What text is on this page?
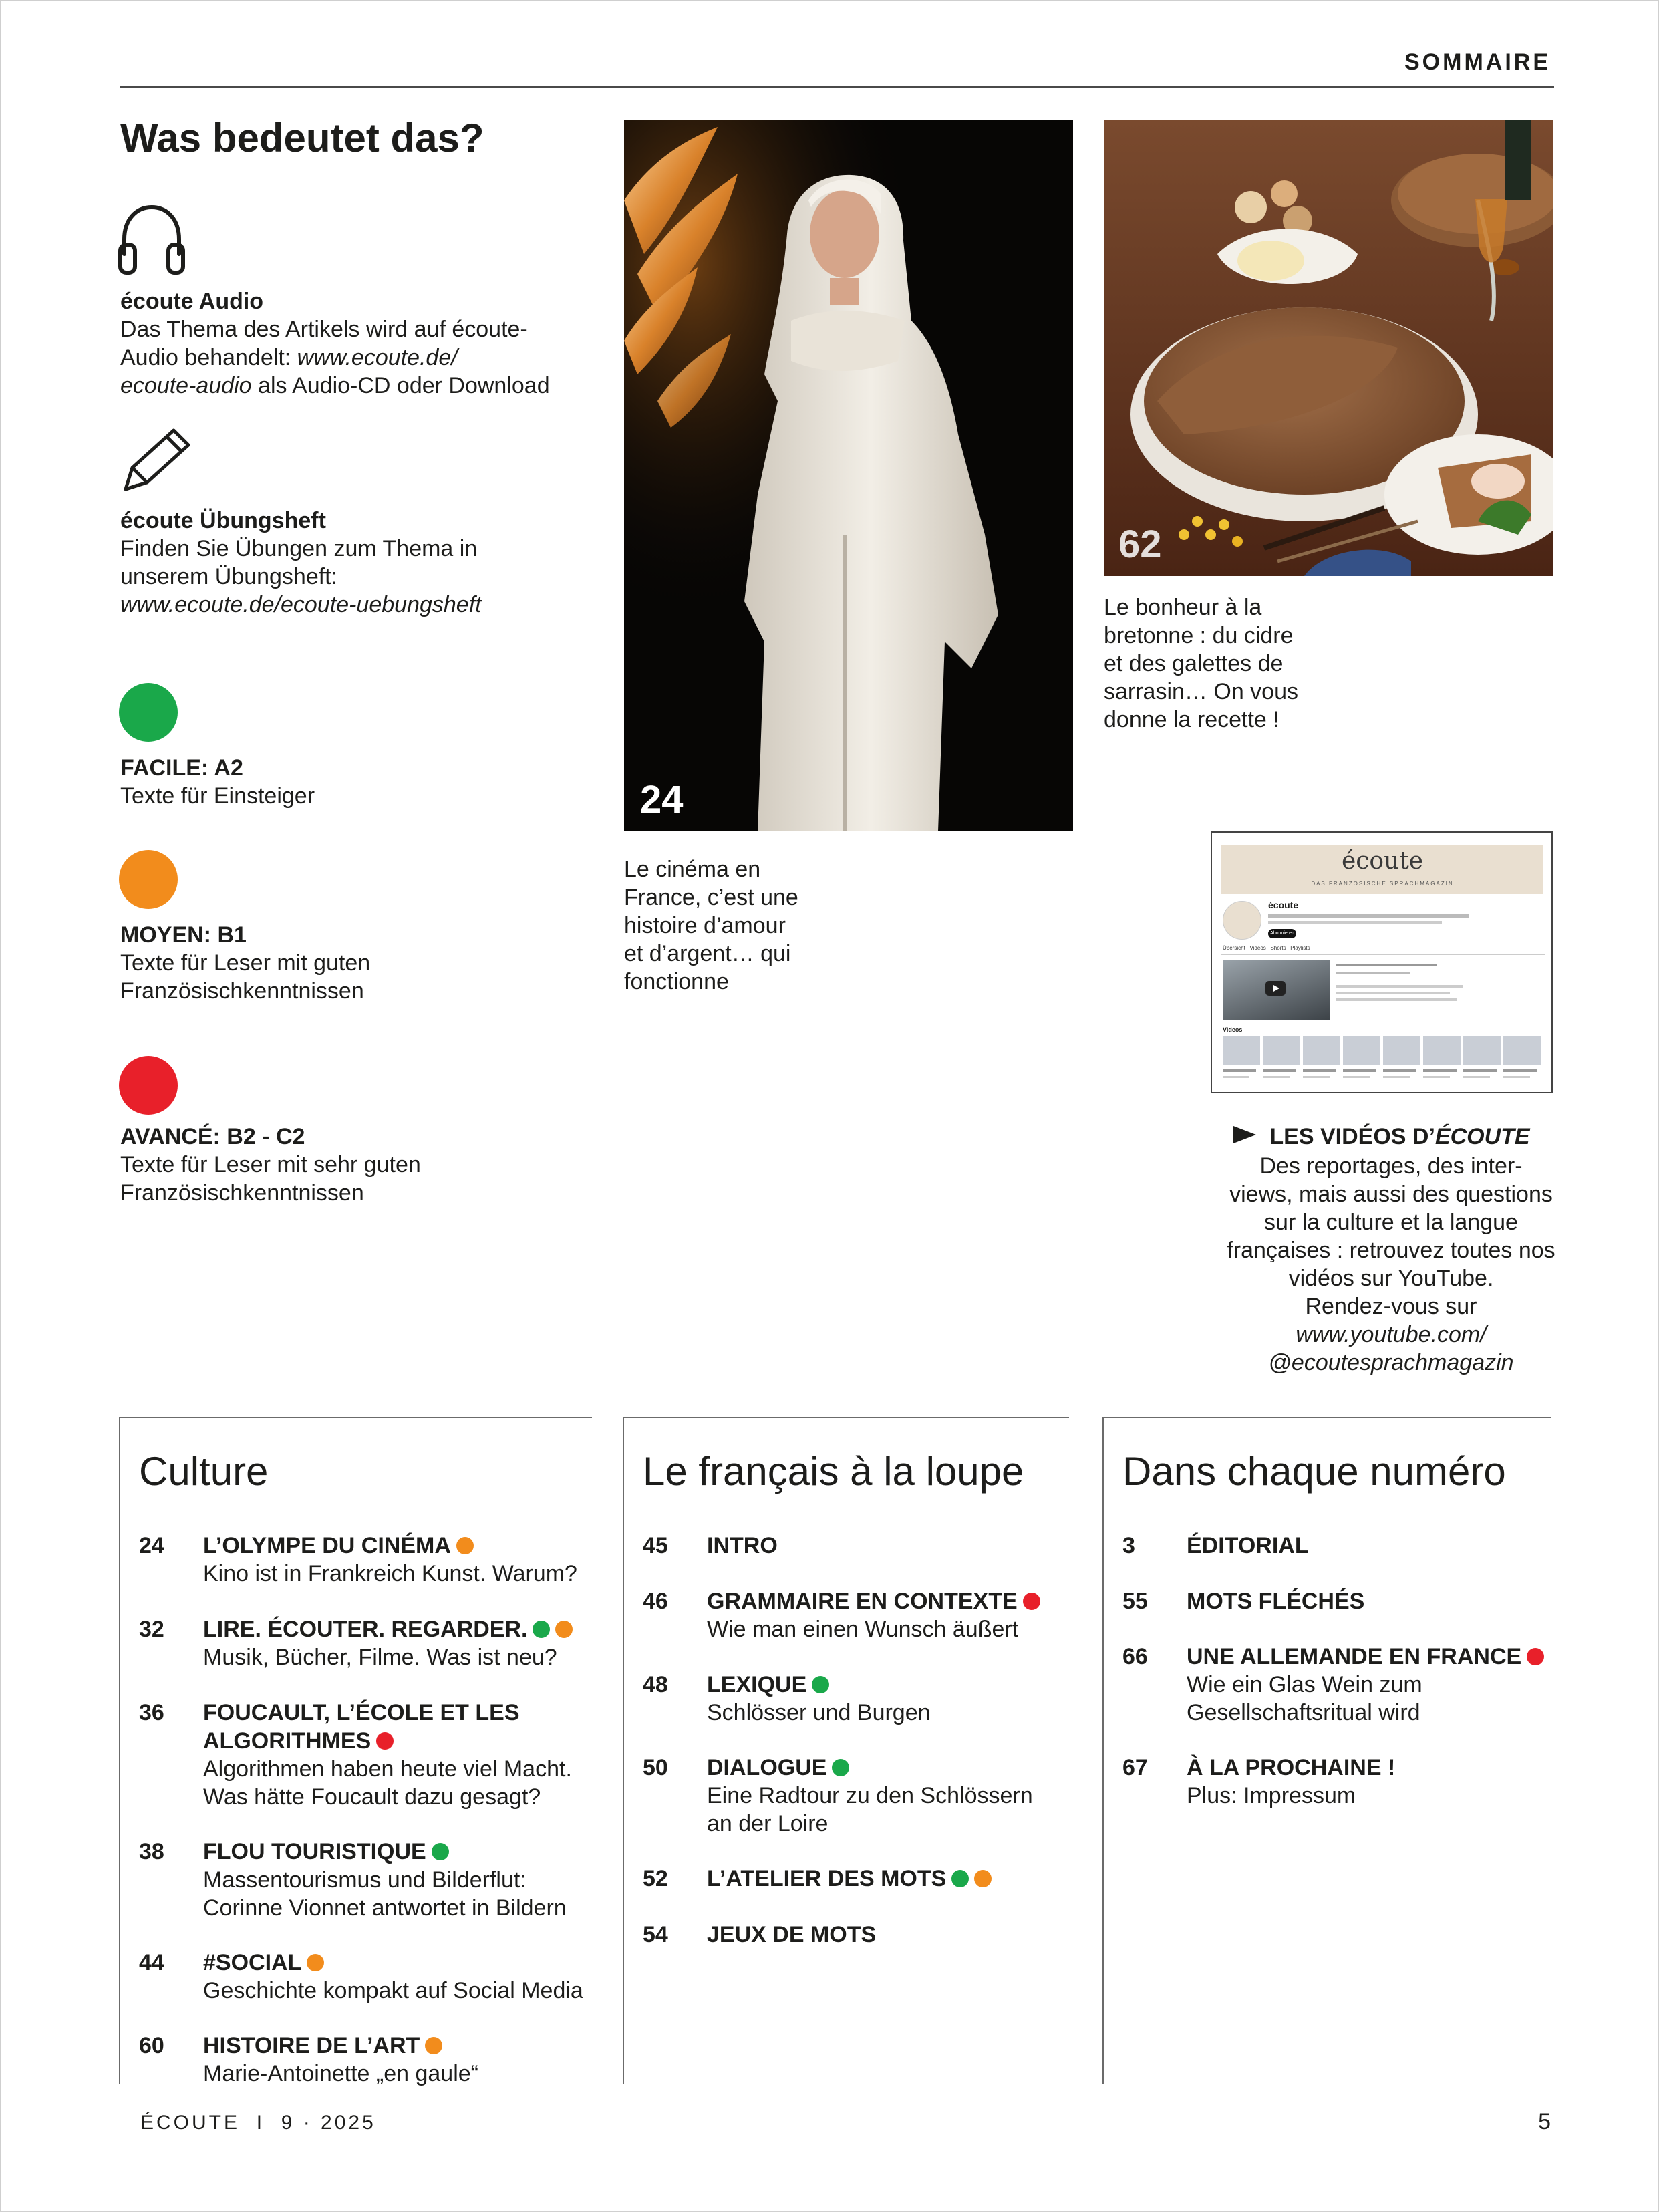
SOMMAIRE
Was bedeutet das?
écoute Audio
Das Thema des Artikels wird auf écoute-
Audio behandelt: www.ecoute.de/
ecoute-audio als Audio-CD oder Download
écoute Übungsheft
Finden Sie Übungen zum Thema in
unserem Übungsheft:
www.ecoute.de/ecoute-uebungsheft
FACILE: A2
Texte für Einsteiger
MOYEN: B1
Texte für Leser mit guten
Französischkenntnissen
AVANCÉ: B2 - C2
Texte für Leser mit sehr guten
Französischkenntnissen
24
Le cinéma en
France, c’est une
histoire d’amour
et d’argent… qui
fonctionne
62
Le bonheur à la
bretonne : du cidre
et des galettes de
sarrasin… On vous
donne la recette !
écoute
DAS FRANZÖSISCHE SPRACHMAGAZIN
écoute
Abonnieren
Übersicht Videos Shorts Playlists
Videos
LES VIDÉOS D’ÉCOUTE
Des reportages, des inter-
views, mais aussi des questions
sur la culture et la langue
françaises : retrouvez toutes nos
vidéos sur YouTube.
Rendez-vous sur
www.youtube.com/
@ecoutesprachmagazin
Culture
24	L’OLYMPE DU CINÉMA
Kino ist in Frankreich Kunst. Warum?
32	LIRE. ÉCOUTER. REGARDER.
Musik, Bücher, Filme. Was ist neu?
36	FOUCAULT, L’ÉCOLE ET LES
ALGORITHMES
Algorithmen haben heute viel Macht.
Was hätte Foucault dazu gesagt?
38	FLOU TOURISTIQUE
Massentourismus und Bilderflut:
Corinne Vionnet antwortet in Bildern
44	#SOCIAL
Geschichte kompakt auf Social Media
60	HISTOIRE DE L’ART
Marie-Antoinette „en gaule“
Le français à la loupe
45	INTRO
46	GRAMMAIRE EN CONTEXTE
Wie man einen Wunsch äußert
48	LEXIQUE
Schlösser und Burgen
50	DIALOGUE
Eine Radtour zu den Schlössern
an der Loire
52	L’ATELIER DES MOTS
54	JEUX DE MOTS
Dans chaque numéro
3	ÉDITORIAL
55	MOTS FLÉCHÉS
66	UNE ALLEMANDE EN FRANCE
Wie ein Glas Wein zum
Gesellschaftsritual wird
67	À LA PROCHAINE !
Plus: Impressum
ÉCOUTE I 9 · 2025	5
